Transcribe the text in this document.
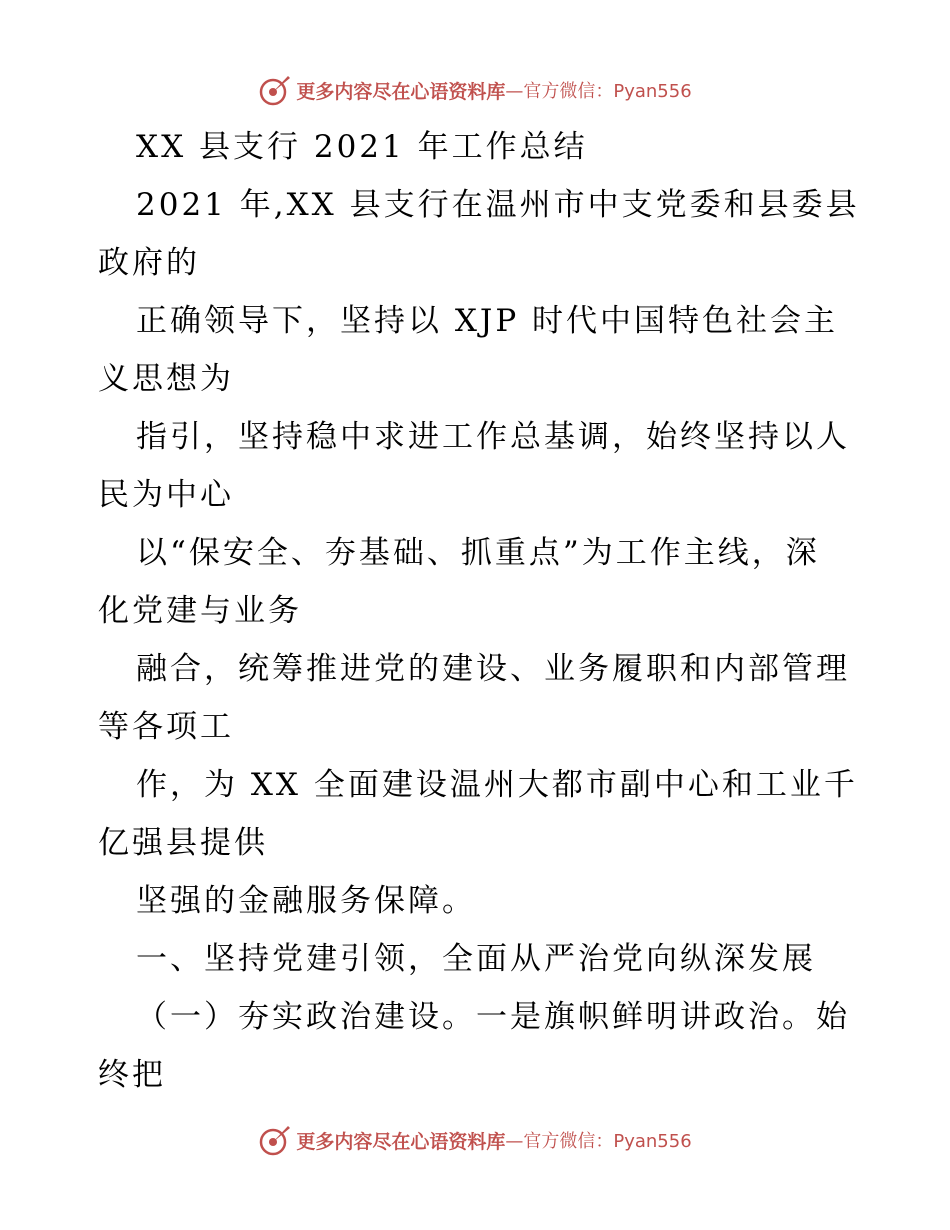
更多内容尽在心语资料库 —官方微信：Pyan556
XX 县支行 2021 年工作总结
2021 年,XX 县支行在温州市中支党委和县委县
政府的
正确领导下，坚持以 XJP 时代中国特色社会主
义思想为
指引，坚持稳中求进工作总基调，始终坚持以人
民为中心
以“保安全、夯基础、抓重点”为工作主线，深
化党建与业务
融合，统筹推进党的建设、业务履职和内部管理
等各项工
作，为 XX 全面建设温州大都市副中心和工业千
亿强县提供
坚强的金融服务保障。
一、坚持党建引领，全面从严治党向纵深发展
（一）夯实政治建设。一是旗帜鲜明讲政治。始
终把
更多内容尽在心语资料库 —官方微信：Pyan556
